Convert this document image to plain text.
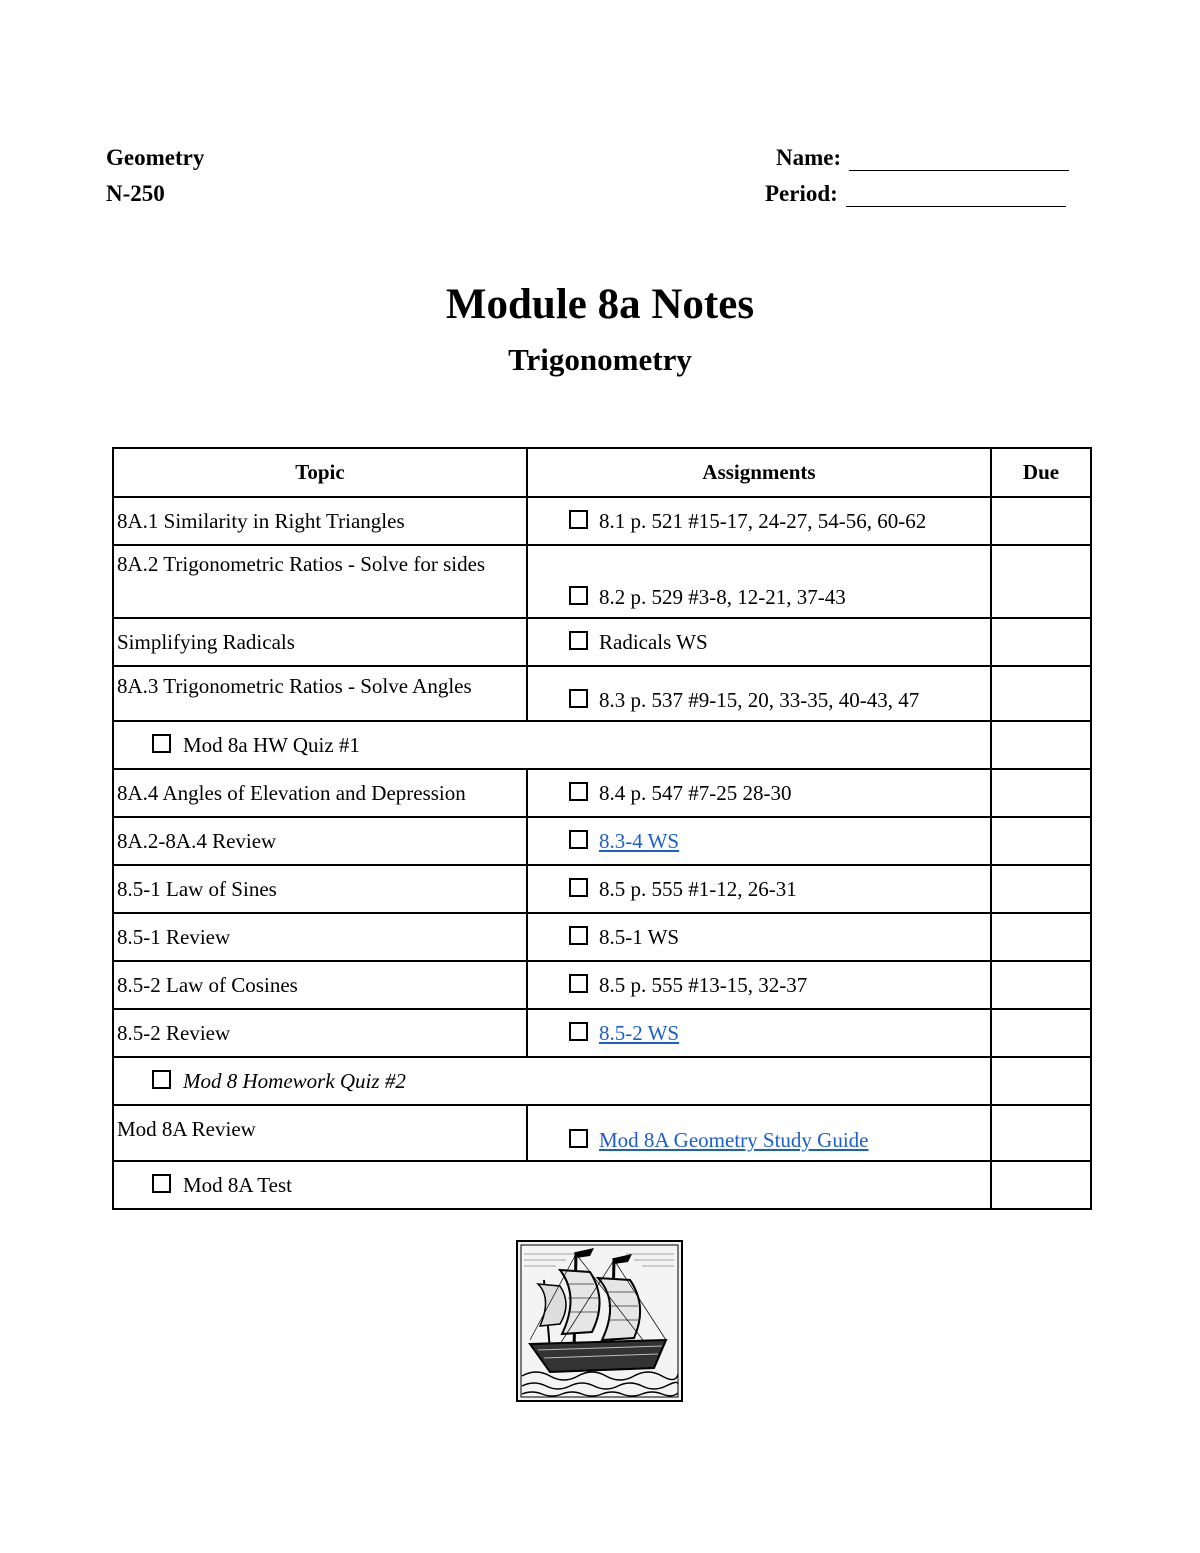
Geometry
N-250
Name:
Period:
Module 8a Notes
Trigonometry
Topic	Assignments	Due
8A.1 Similarity in Right Triangles	8.1 p. 521 #15-17, 24-27, 54-56, 60-62	
8A.2 Trigonometric Ratios - Solve for sides	8.2 p. 529 #3-8, 12-21, 37-43	
Simplifying Radicals	Radicals WS	
8A.3 Trigonometric Ratios - Solve Angles	8.3 p. 537 #9-15, 20, 33-35, 40-43, 47	
Mod 8a HW Quiz #1		
8A.4 Angles of Elevation and Depression	8.4 p. 547 #7-25 28-30	
8A.2-8A.4 Review	8.3-4 WS	
8.5-1 Law of Sines	8.5 p. 555 #1-12, 26-31	
8.5-1 Review	8.5-1 WS	
8.5-2 Law of Cosines	8.5 p. 555 #13-15, 32-37	
8.5-2 Review	8.5-2 WS	
Mod 8 Homework Quiz #2		
Mod 8A Review	Mod 8A Geometry Study Guide	
Mod 8A Test		
